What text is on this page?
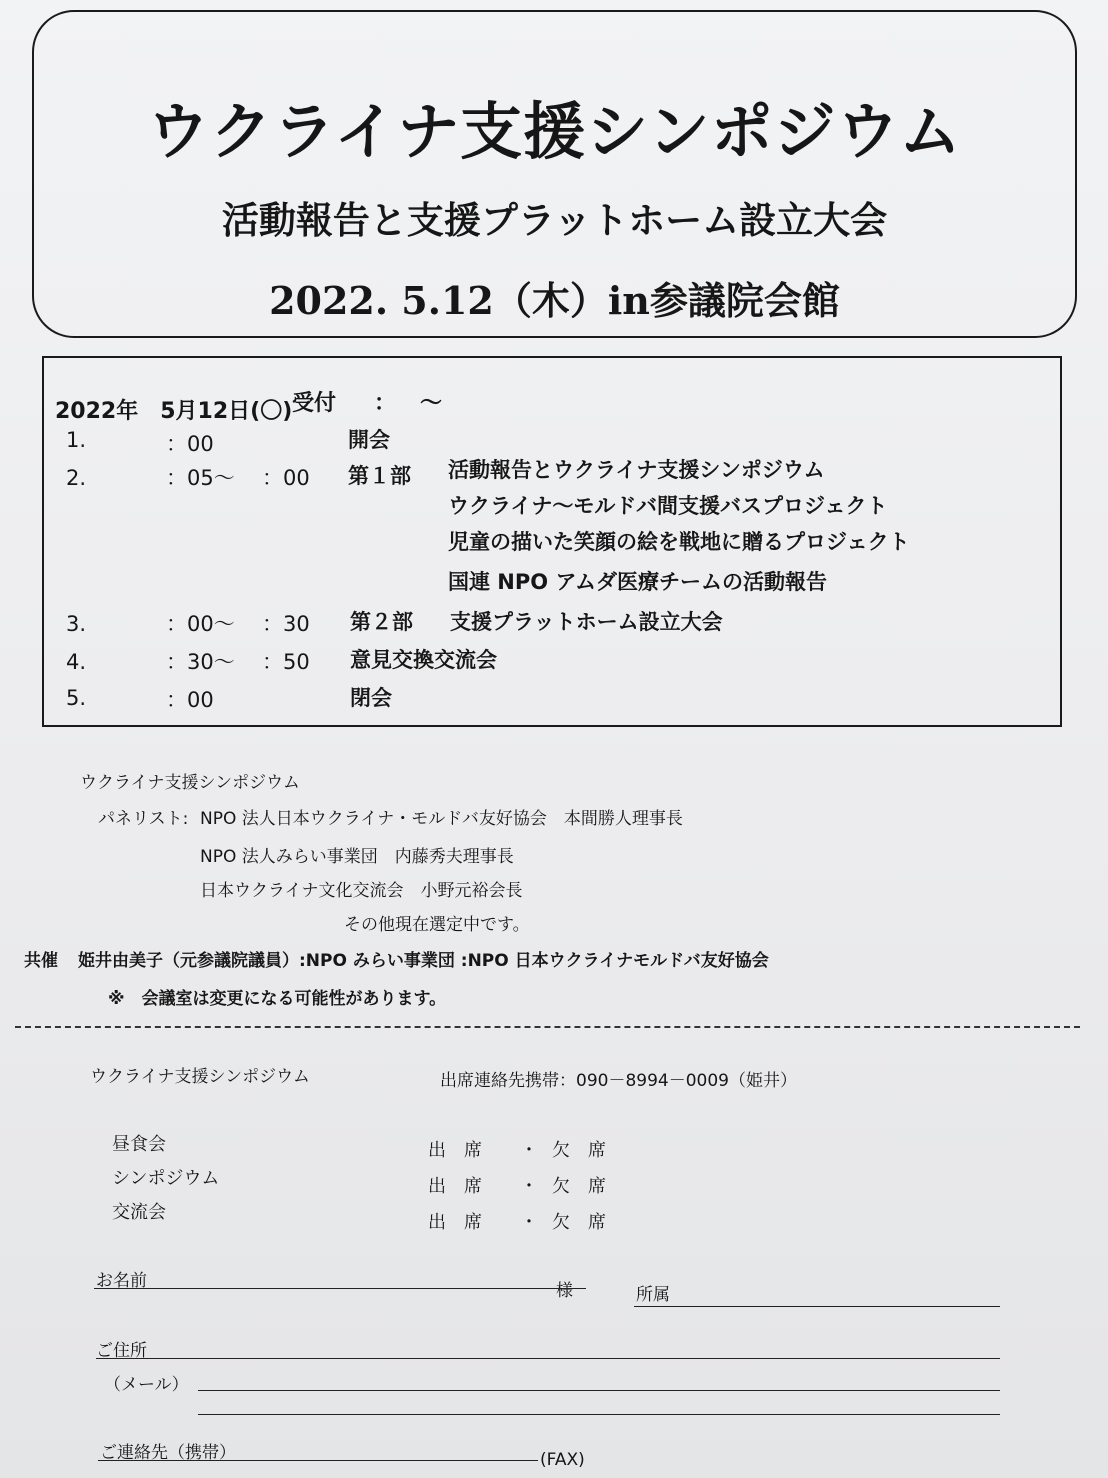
ウクライナ支援シンポジウム
活動報告と支援プラットホーム設立大会
2022. 5.12（木）in参議院会館
2022年　5月12日(〇) 受付 ： ～
1.	：00	開会
2.	：05～ ：00 第１部 活動報告とウクライナ支援シンポジウム
ウクライナ～モルドバ間支援バスプロジェクト
児童の描いた笑顔の絵を戦地に贈るプロジェクト
国連 NPO アムダ医療チームの活動報告
3.	：00～ ：30 第２部 支援プラットホーム設立大会
4.	：30～ ：50 意見交換交流会
5.	：00	閉会
ウクライナ支援シンポジウム
パネリスト: NPO 法人日本ウクライナ・モルドバ友好協会　本間勝人理事長
NPO 法人みらい事業団　内藤秀夫理事長
日本ウクライナ文化交流会　小野元裕会長
その他現在選定中です。
共催 姫井由美子（元参議院議員）:NPO みらい事業団 :NPO 日本ウクライナモルドバ友好協会
※　会議室は変更になる可能性があります。
ウクライナ支援シンポジウム	出席連絡先携帯：090－8994－0009（姫井）
昼食会	出　席 ・ 欠　席
シンポジウム	出　席 ・ 欠　席
交流会	出　席 ・ 欠　席
お名前	様	所属
ご住所
（メール）
ご連絡先（携帯）	(FAX)
